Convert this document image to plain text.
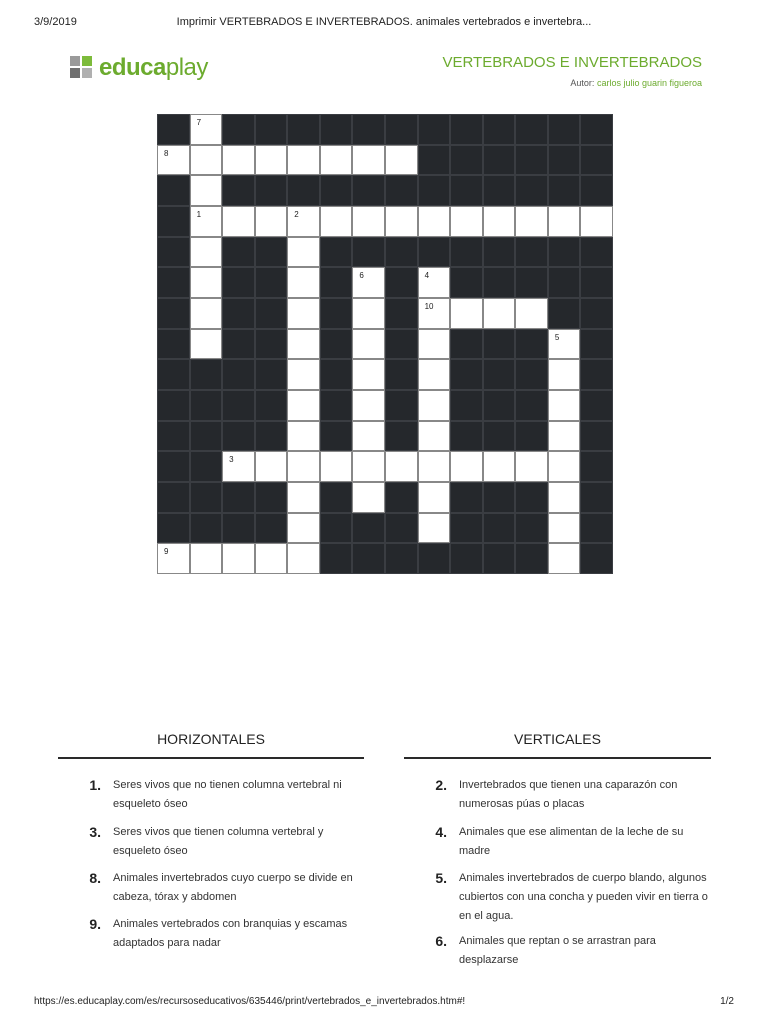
3/9/2019	Imprimir VERTEBRADOS E INVERTEBRADOS. animales vertebrados e invertebra...
educaplay	VERTEBRADOS E INVERTEBRADOS
Autor: carlos julio guarin figueroa
7
8
1	2
6	4
10
5
3
9
HORIZONTALES
1.	Seres vivos que no tienen columna vertebral ni esqueleto óseo
3.	Seres vivos que tienen columna vertebral y esqueleto óseo
8.	Animales invertebrados cuyo cuerpo se divide en cabeza, tórax y abdomen
9.	Animales vertebrados con branquias y escamas adaptados para nadar
VERTICALES
2.	Invertebrados que tienen una caparazón con numerosas púas o placas
4.	Animales que ese alimentan de la leche de su madre
5.	Animales invertebrados de cuerpo blando, algunos cubiertos con una concha y pueden vivir en tierra o en el agua.
6.	Animales que reptan o se arrastran para desplazarse
https://es.educaplay.com/es/recursoseducativos/635446/print/vertebrados_e_invertebrados.htm#!	1/2
